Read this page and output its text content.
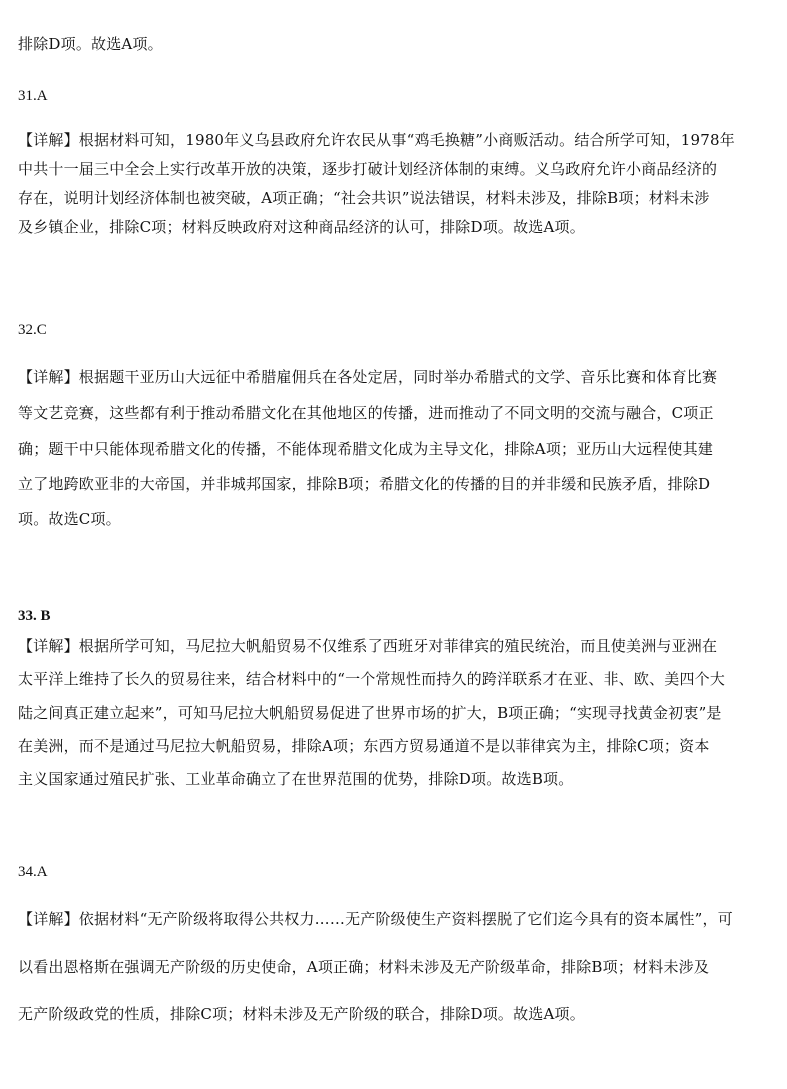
排除D项。故选A项。
31.A
【详解】根据材料可知，1980年义乌县政府允许农民从事“鸡毛换糖”小商贩活动。结合所学可知，1978年
中共十一届三中全会上实行改革开放的决策，逐步打破计划经济体制的束缚。义乌政府允许小商品经济的
存在，说明计划经济体制也被突破，A项正确；“社会共识”说法错误，材料未涉及，排除B项；材料未涉
及乡镇企业，排除C项；材料反映政府对这种商品经济的认可，排除D项。故选A项。
32.C
【详解】根据题干亚历山大远征中希腊雇佣兵在各处定居，同时举办希腊式的文学、音乐比赛和体育比赛
等文艺竞赛，这些都有利于推动希腊文化在其他地区的传播，进而推动了不同文明的交流与融合，C项正
确；题干中只能体现希腊文化的传播，不能体现希腊文化成为主导文化，排除A项；亚历山大远程使其建
立了地跨欧亚非的大帝国，并非城邦国家，排除B项；希腊文化的传播的目的并非缓和民族矛盾，排除D
项。故选C项。
33. B
【详解】根据所学可知，马尼拉大帆船贸易不仅维系了西班牙对菲律宾的殖民统治，而且使美洲与亚洲在
太平洋上维持了长久的贸易往来，结合材料中的“一个常规性而持久的跨洋联系才在亚、非、欧、美四个大
陆之间真正建立起来”，可知马尼拉大帆船贸易促进了世界市场的扩大，B项正确；“实现寻找黄金初衷”是
在美洲，而不是通过马尼拉大帆船贸易，排除A项；东西方贸易通道不是以菲律宾为主，排除C项；资本
主义国家通过殖民扩张、工业革命确立了在世界范围的优势，排除D项。故选B项。
34.A
【详解】依据材料“无产阶级将取得公共权力……无产阶级使生产资料摆脱了它们迄今具有的资本属性”，可
以看出恩格斯在强调无产阶级的历史使命，A项正确；材料未涉及无产阶级革命，排除B项；材料未涉及
无产阶级政党的性质，排除C项；材料未涉及无产阶级的联合，排除D项。故选A项。
